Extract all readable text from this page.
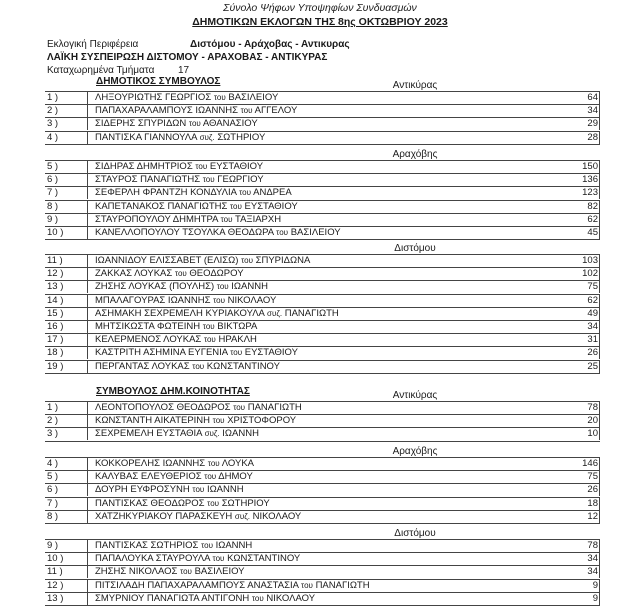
Σύνολο Ψήφων Υποψηφίων Συνδυασμών
ΔΗΜΟΤΙΚΩΝ ΕΚΛΟΓΩΝ ΤΗΣ 8ης ΟΚΤΩΒΡΙΟΥ 2023
Εκλογική Περιφέρεια	Διστόμου - Αράχοβας - Αντικυρας
ΛΑΪΚΗ ΣΥΣΠΕΙΡΩΣΗ ΔΙΣΤΟΜΟΥ - ΑΡΑΧΟΒΑΣ - ΑΝΤΙΚΥΡΑΣ
Καταχωρημένα Τμήματα 17
ΔΗΜΟΤΙΚΟΣ ΣΥΜΒΟΥΛΟΣ	Αντικύρας
1 )	ΛΗΞΟΥΡΙΩΤΗΣ ΓΕΩΡΓΙΟΣ του ΒΑΣΙΛΕΙΟΥ	64
2 )	ΠΑΠΑΧΑΡΑΛΑΜΠΟΥΣ ΙΩΑΝΝΗΣ του ΑΓΓΕΛΟΥ	34
3 )	ΣΙΔΕΡΗΣ ΣΠΥΡΙΔΩΝ του ΑΘΑΝΑΣΙΟΥ	29
4 )	ΠΑΝΤΙΣΚΑ ΓΙΑΝΝΟΥΛΑ συζ. ΣΩΤΗΡΙΟΥ	28
Αραχόβης
5 )	ΣΙΔΗΡΑΣ ΔΗΜΗΤΡΙΟΣ του ΕΥΣΤΑΘΙΟΥ	150
6 )	ΣΤΑΥΡΟΣ ΠΑΝΑΓΙΩΤΗΣ του ΓΕΩΡΓΙΟΥ	136
7 )	ΣΕΦΕΡΛΗ ΦΡΑΝΤΖΗ ΚΟΝΔΥΛΙΑ του ΑΝΔΡΕΑ	123
8 )	ΚΑΠΕΤΑΝΑΚΟΣ ΠΑΝΑΓΙΩΤΗΣ του ΕΥΣΤΑΘΙΟΥ	82
9 )	ΣΤΑΥΡΟΠΟΥΛΟΥ ΔΗΜΗΤΡΑ του ΤΑΞΙΑΡΧΗ	62
10 )	ΚΑΝΕΛΛΟΠΟΥΛΟΥ ΤΣΟΥΛΚΑ ΘΕΟΔΩΡΑ του ΒΑΣΙΛΕΙΟΥ	45
Διστόμου
11 )	ΙΩΑΝΝΙΔΟΥ ΕΛΙΣΣΑΒΕΤ (ΕΛΙΣΩ) του ΣΠΥΡΙΔΩΝΑ	103
12 )	ΖΑΚΚΑΣ ΛΟΥΚΑΣ του ΘΕΟΔΩΡΟΥ	102
13 )	ΖΗΣΗΣ ΛΟΥΚΑΣ (ΠΟΥΛΗΣ) του ΙΩΑΝΝΗ	75
14 )	ΜΠΑΛΑΓΟΥΡΑΣ ΙΩΑΝΝΗΣ του ΝΙΚΟΛΑΟΥ	62
15 )	ΑΣΗΜΑΚΗ ΣΕΧΡΕΜΕΛΗ ΚΥΡΙΑΚΟΥΛΑ συζ. ΠΑΝΑΓΙΩΤΗ	49
16 )	ΜΗΤΣΙΚΩΣΤΑ ΦΩΤΕΙΝΗ του ΒΙΚΤΩΡΑ	34
17 )	ΚΕΛΕΡΜΕΝΟΣ ΛΟΥΚΑΣ του ΗΡΑΚΛΗ	31
18 )	ΚΑΣΤΡΙΤΗ ΑΣΗΜΙΝΑ ΕΥΓΕΝΙΑ του ΕΥΣΤΑΘΙΟΥ	26
19 )	ΠΕΡΓΑΝΤΑΣ ΛΟΥΚΑΣ του ΚΩΝΣΤΑΝΤΙΝΟΥ	25
ΣΥΜΒΟΥΛΟΣ ΔΗΜ.ΚΟΙΝΟΤΗΤΑΣ	Αντικύρας
1 )	ΛΕΟΝΤΟΠΟΥΛΟΣ ΘΕΟΔΩΡΟΣ του ΠΑΝΑΓΙΩΤΗ	78
2 )	ΚΩΝΣΤΑΝΤΗ ΑΙΚΑΤΕΡΙΝΗ του ΧΡΙΣΤΟΦΟΡΟΥ	20
3 )	ΣΕΧΡΕΜΕΛΗ ΕΥΣΤΑΘΙΑ συζ. ΙΩΑΝΝΗ	10
Αραχόβης
4 )	ΚΟΚΚΟΡΕΛΗΣ ΙΩΑΝΝΗΣ του ΛΟΥΚΑ	146
5 )	ΚΑΛΥΒΑΣ ΕΛΕΥΘΕΡΙΟΣ του ΔΗΜΟΥ	75
6 )	ΔΟΥΡΗ ΕΥΦΡΟΣΥΝΗ του ΙΩΑΝΝΗ	26
7 )	ΠΑΝΤΙΣΚΑΣ ΘΕΟΔΩΡΟΣ του ΣΩΤΗΡΙΟΥ	18
8 )	ΧΑΤΖΗΚΥΡΙΑΚΟΥ ΠΑΡΑΣΚΕΥΗ συζ. ΝΙΚΟΛΑΟΥ	12
Διστόμου
9 )	ΠΑΝΤΙΣΚΑΣ ΣΩΤΗΡΙΟΣ του ΙΩΑΝΝΗ	78
10 )	ΠΑΠΑΛΟΥΚΑ ΣΤΑΥΡΟΥΛΑ του ΚΩΝΣΤΑΝΤΙΝΟΥ	34
11 )	ΖΗΣΗΣ ΝΙΚΟΛΑΟΣ του ΒΑΣΙΛΕΙΟΥ	34
12 )	ΠΙΤΣΙΛΑΔΗ ΠΑΠΑΧΑΡΑΛΑΜΠΟΥΣ ΑΝΑΣΤΑΣΙΑ του ΠΑΝΑΓΙΩΤΗ	9
13 )	ΣΜΥΡΝΙΟΥ ΠΑΝΑΓΙΩΤΑ ΑΝΤΙΓΟΝΗ του ΝΙΚΟΛΑΟΥ	9
